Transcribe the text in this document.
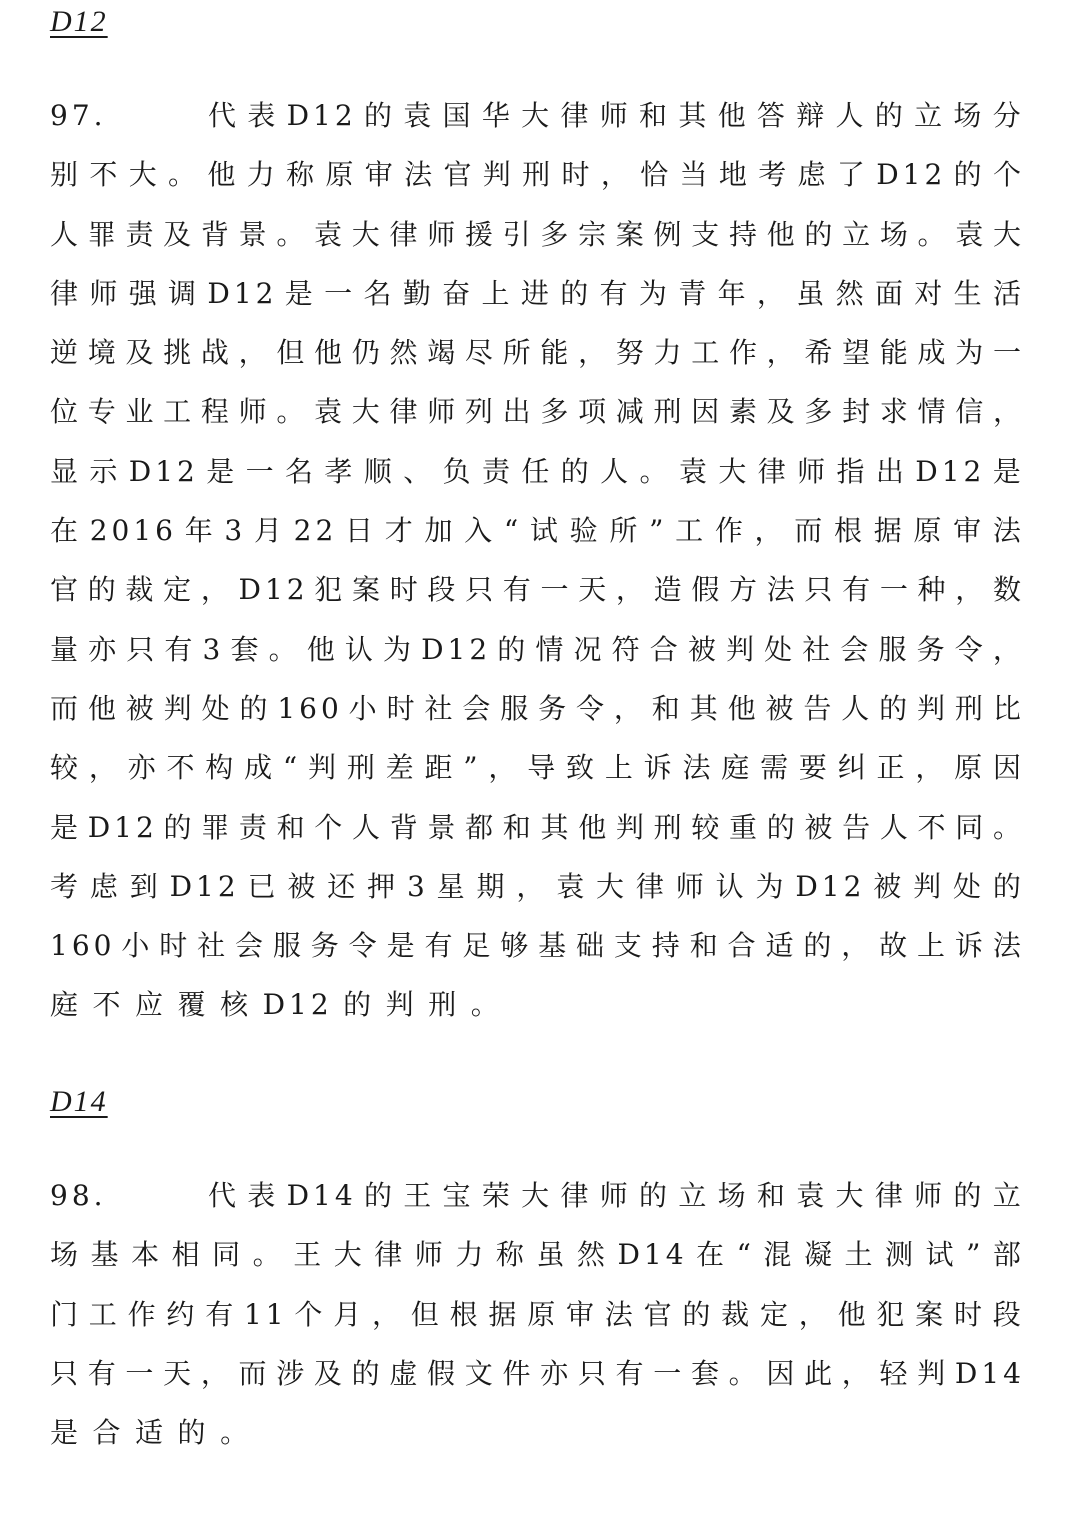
D12
97.	代 表 D12 的 袁 国 华 大 律 师 和 其 他 答 辩 人 的 立 场 分
别 不 大 。 他 力 称 原 审 法 官 判 刑 时 ， 恰 当 地 考 虑 了 D12 的 个
人 罪 责 及 背 景 。 袁 大 律 师 援 引 多 宗 案 例 支 持 他 的 立 场 。 袁 大
律 师 强 调 D12 是 一 名 勤 奋 上 进 的 有 为 青 年 ， 虽 然 面 对 生 活
逆 境 及 挑 战 ， 但 他 仍 然 竭 尽 所 能 ， 努 力 工 作 ， 希 望 能 成 为 一
位 专 业 工 程 师 。 袁 大 律 师 列 出 多 项 减 刑 因 素 及 多 封 求 情 信 ，
显 示 D12 是 一 名 孝 顺 、 负 责 任 的 人 。 袁 大 律 师 指 出 D12 是
在 2016 年 3 月 22 日 才 加 入 “ 试 验 所 ” 工 作 ， 而 根 据 原 审 法
官 的 裁 定 ， D12 犯 案 时 段 只 有 一 天 ， 造 假 方 法 只 有 一 种 ， 数
量 亦 只 有 3 套 。 他 认 为 D12 的 情 况 符 合 被 判 处 社 会 服 务 令 ，
而 他 被 判 处 的 160 小 时 社 会 服 务 令 ， 和 其 他 被 告 人 的 判 刑 比
较 ， 亦 不 构 成 “ 判 刑 差 距 ” ， 导 致 上 诉 法 庭 需 要 纠 正 ， 原 因
是 D12 的 罪 责 和 个 人 背 景 都 和 其 他 判 刑 较 重 的 被 告 人 不 同 。
考 虑 到 D12 已 被 还 押 3 星 期 ， 袁 大 律 师 认 为 D12 被 判 处 的
160 小 时 社 会 服 务 令 是 有 足 够 基 础 支 持 和 合 适 的 ， 故 上 诉 法
庭 不 应 覆 核 D12 的 判 刑 。
D14
98.	代 表 D14 的 王 宝 荣 大 律 师 的 立 场 和 袁 大 律 师 的 立
场 基 本 相 同 。 王 大 律 师 力 称 虽 然 D14 在 “ 混 凝 土 测 试 ” 部
门 工 作 约 有 11 个 月 ， 但 根 据 原 审 法 官 的 裁 定 ， 他 犯 案 时 段
只 有 一 天 ， 而 涉 及 的 虚 假 文 件 亦 只 有 一 套 。 因 此 ， 轻 判 D14
是 合 适 的 。
